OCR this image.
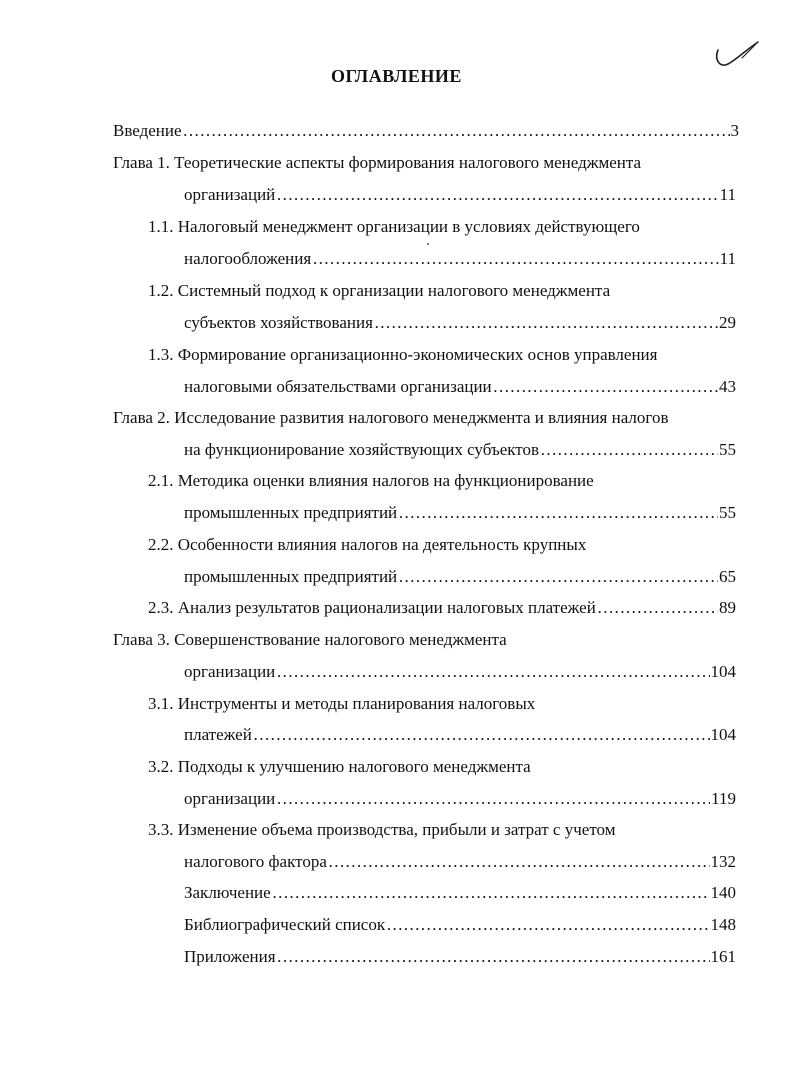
ОГЛАВЛЕНИЕ
Введение ……………………………………………………………………………………………………………………………………………………………………………………………………………………	3
Глава 1. Теоретические аспекты формирования налогового менеджмента
организаций ……………………………………………………………………………………………………………………………………………………………………………………………………………………	11
1.1. Налоговый менеджмент организации в условиях действующего
налогообложения ……………………………………………………………………………………………………………………………………………………………………………………………………………………	11
1.2. Системный подход к организации налогового менеджмента
субъектов хозяйствования ……………………………………………………………………………………………………………………………………………………………………………………………………………………	29
1.3. Формирование организационно-экономических основ управления
налоговыми обязательствами организации ……………………………………………………………………………………………………………………………………………………………………………………………………………………	43
Глава 2. Исследование развития налогового менеджмента и влияния налогов
на функционирование хозяйствующих субъектов ……………………………………………………………………………………………………………………………………………………………………………………………………………………	55
2.1. Методика оценки влияния налогов на функционирование
промышленных предприятий ……………………………………………………………………………………………………………………………………………………………………………………………………………………	55
2.2. Особенности влияния налогов на деятельность крупных
промышленных предприятий ……………………………………………………………………………………………………………………………………………………………………………………………………………………	65
2.3. Анализ результатов рационализации налоговых платежей ……………………………………………………………………………………………………………………………………………………………………………………………………………………	89
Глава 3. Совершенствование налогового менеджмента
организации ……………………………………………………………………………………………………………………………………………………………………………………………………………………	104
3.1. Инструменты и методы планирования налоговых
платежей ……………………………………………………………………………………………………………………………………………………………………………………………………………………	104
3.2. Подходы к улучшению налогового менеджмента
организации ……………………………………………………………………………………………………………………………………………………………………………………………………………………	119
3.3. Изменение объема производства, прибыли и затрат с учетом
налогового фактора ……………………………………………………………………………………………………………………………………………………………………………………………………………………	132
Заключение ……………………………………………………………………………………………………………………………………………………………………………………………………………………	140
Библиографический список ……………………………………………………………………………………………………………………………………………………………………………………………………………………	148
Приложения ……………………………………………………………………………………………………………………………………………………………………………………………………………………	161
